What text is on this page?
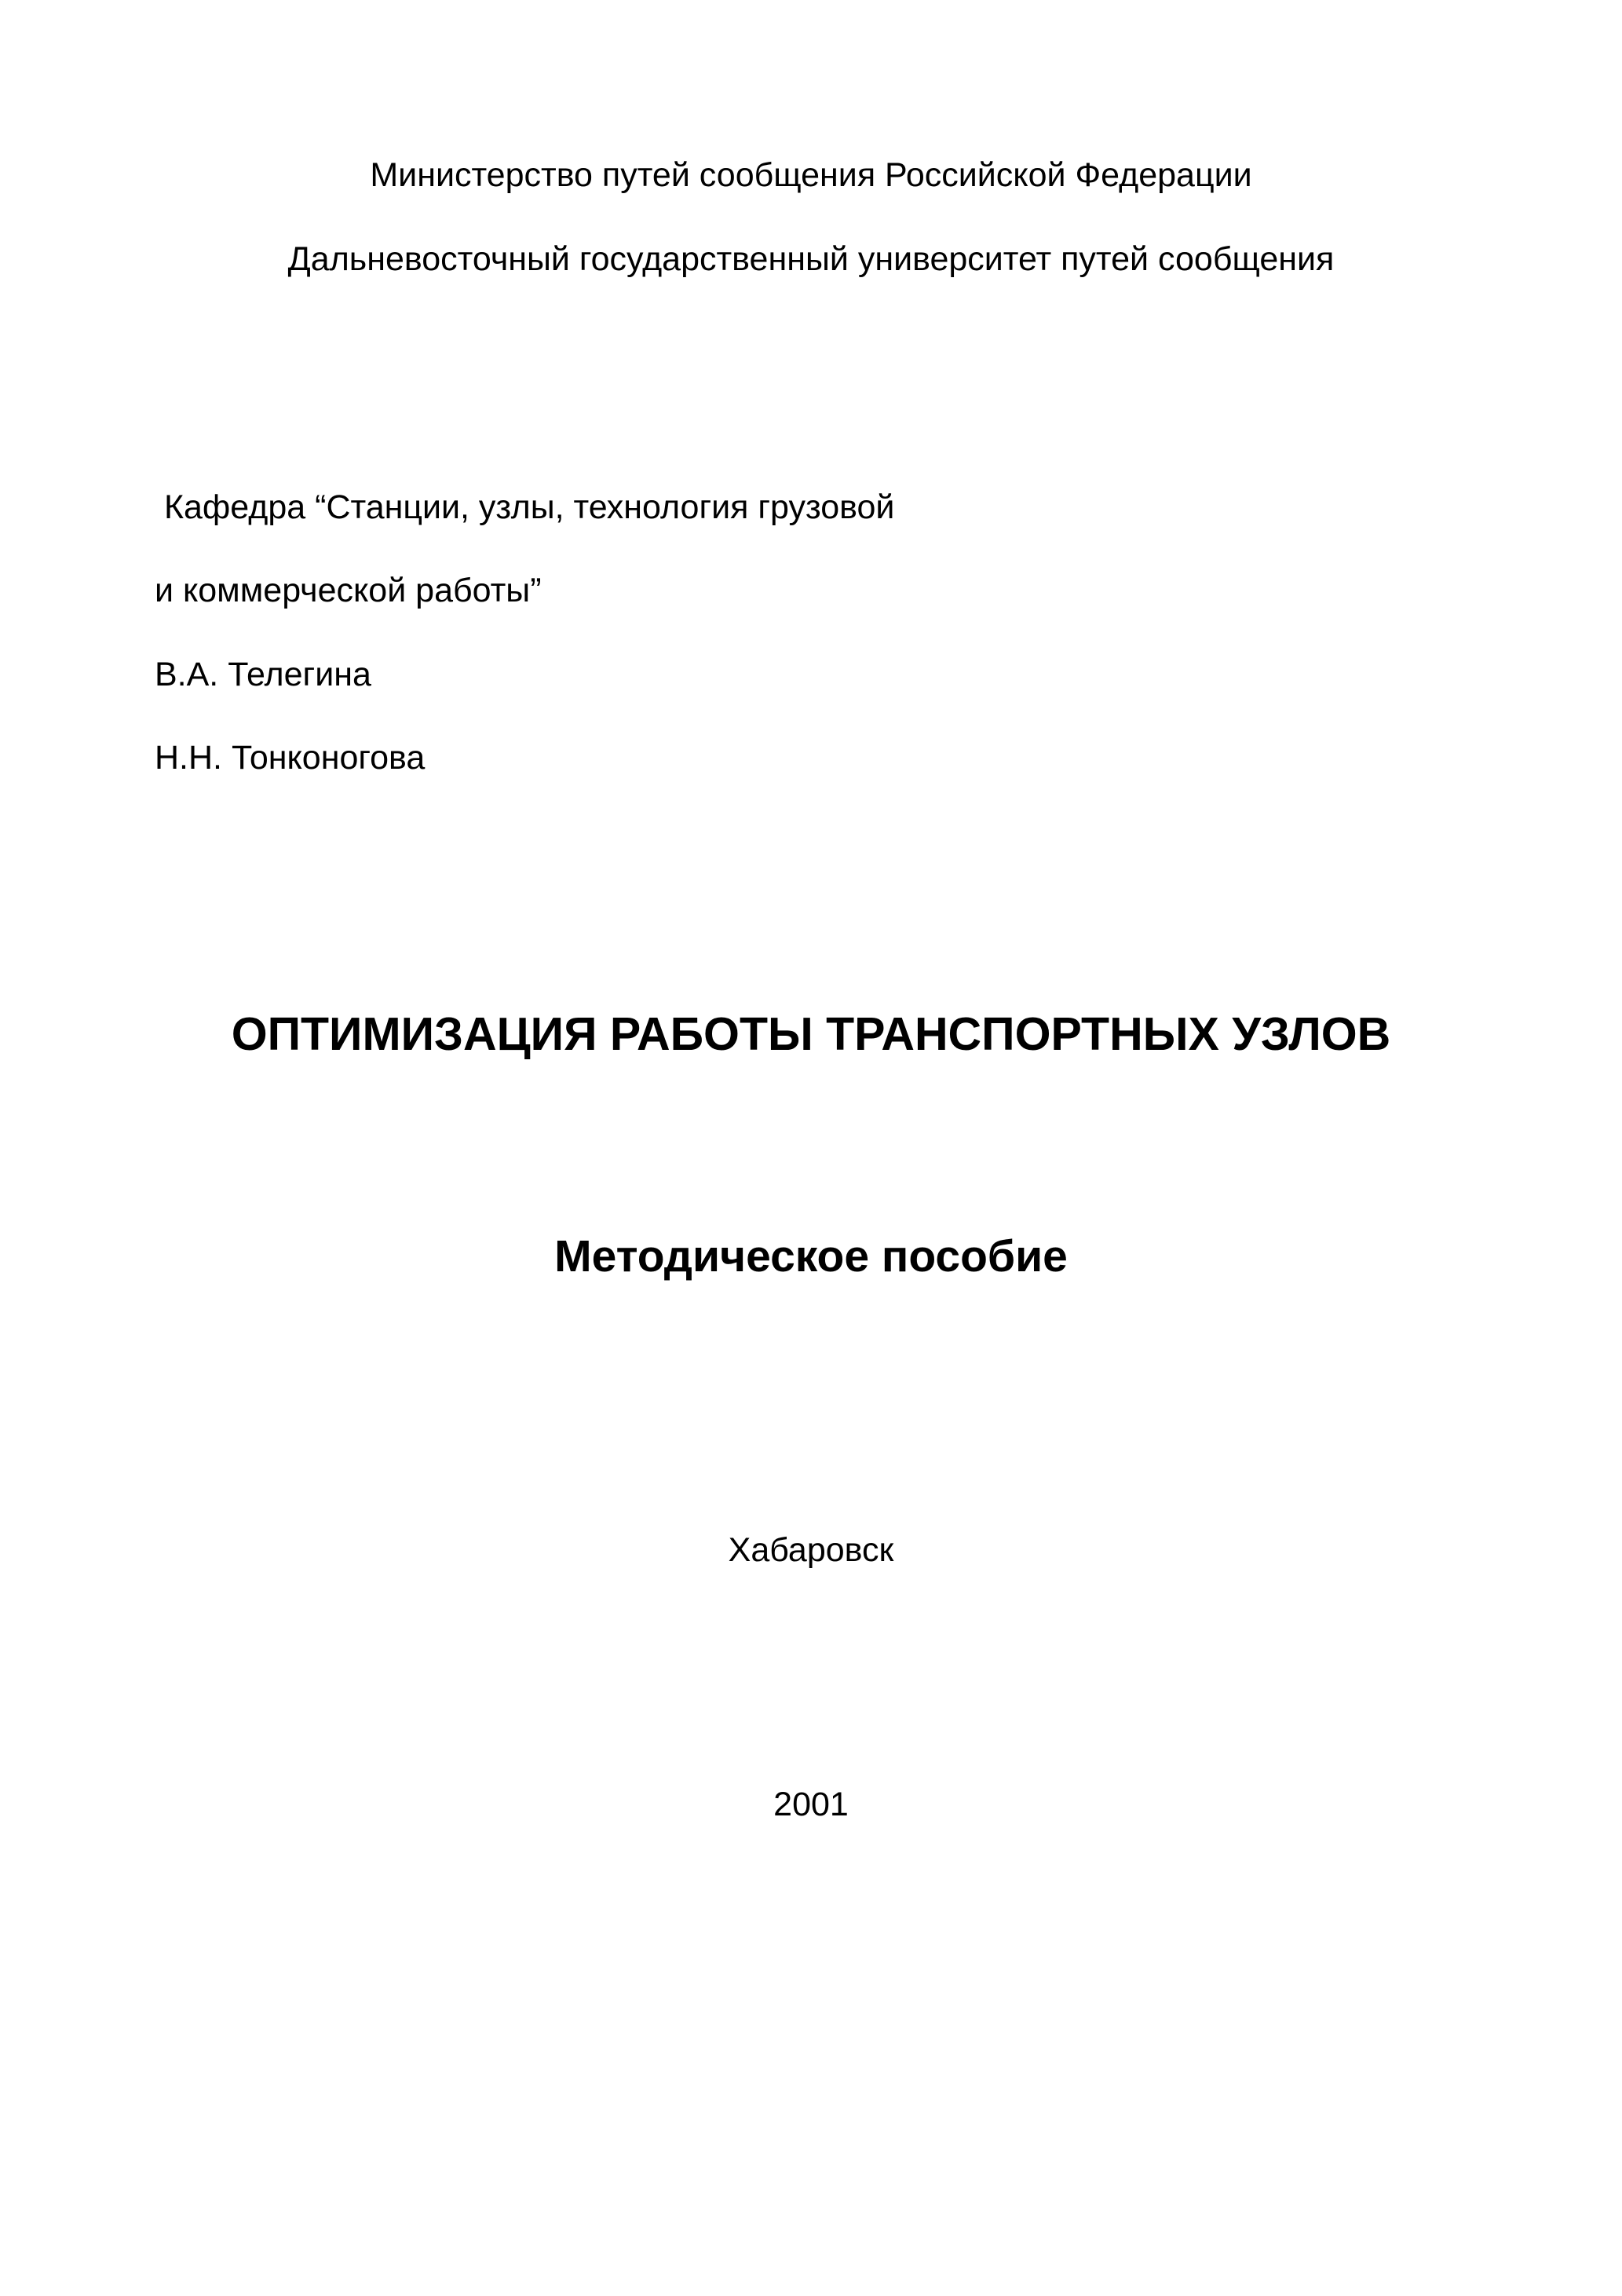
Министерство путей сообщения Российской Федерации
Дальневосточный государственный университет путей сообщения
Кафедра “Станции, узлы, технология грузовой
и коммерческой работы”
В.А. Телегина
Н.Н. Тонконогова
ОПТИМИЗАЦИЯ РАБОТЫ ТРАНСПОРТНЫХ УЗЛОВ
Методическое пособие
Хабаровск
2001
